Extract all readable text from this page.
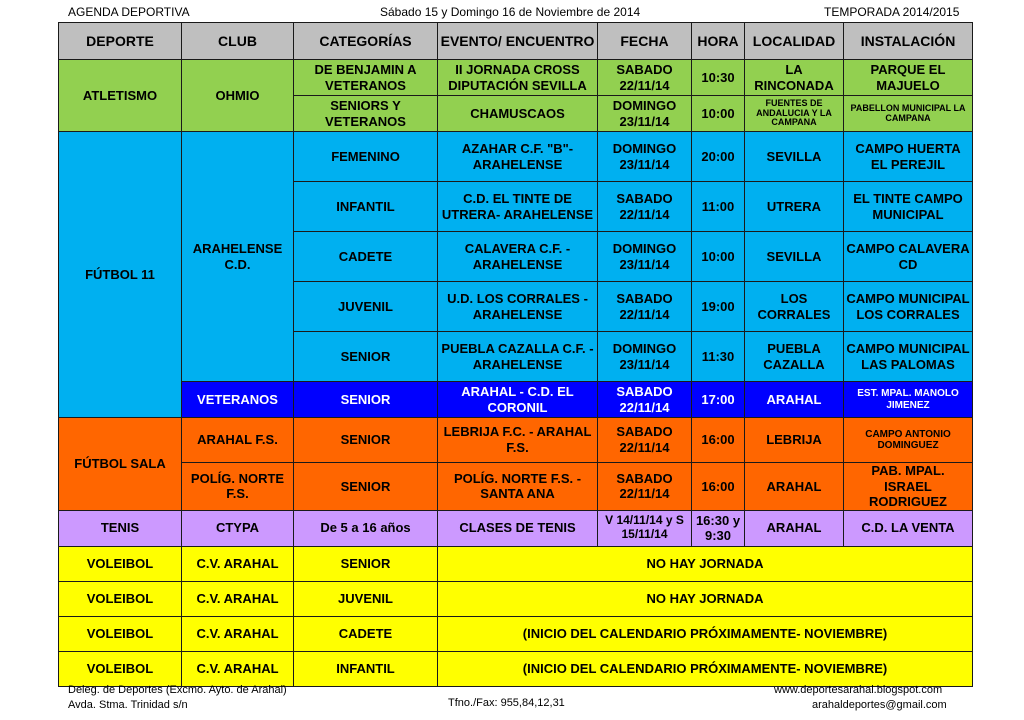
AGENDA DEPORTIVA	Sábado 15 y Domingo 16 de Noviembre de 2014	TEMPORADA 2014/2015
DEPORTE	CLUB	CATEGORÍAS	EVENTO/ ENCUENTRO	FECHA	HORA	LOCALIDAD	INSTALACIÓN
ATLETISMO	OHMIO	DE BENJAMIN A VETERANOS	II JORNADA CROSS DIPUTACIÓN SEVILLA	SABADO 22/11/14	10:30	LA RINCONADA	PARQUE EL MAJUELO
		SENIORS Y VETERANOS	CHAMUSCAOS	DOMINGO 23/11/14	10:00	FUENTES DE ANDALUCIA Y LA CAMPANA	PABELLON MUNICIPAL LA CAMPANA
FÚTBOL 11	ARAHELENSE C.D.	FEMENINO	AZAHAR C.F. "B"- ARAHELENSE	DOMINGO 23/11/14	20:00	SEVILLA	CAMPO HUERTA EL PEREJIL
		INFANTIL	C.D. EL TINTE DE UTRERA- ARAHELENSE	SABADO 22/11/14	11:00	UTRERA	EL TINTE CAMPO MUNICIPAL
		CADETE	CALAVERA C.F. - ARAHELENSE	DOMINGO 23/11/14	10:00	SEVILLA	CAMPO CALAVERA CD
		JUVENIL	U.D. LOS CORRALES - ARAHELENSE	SABADO 22/11/14	19:00	LOS CORRALES	CAMPO MUNICIPAL LOS CORRALES
		SENIOR	PUEBLA CAZALLA C.F. - ARAHELENSE	DOMINGO 23/11/14	11:30	PUEBLA CAZALLA	CAMPO MUNICIPAL LAS PALOMAS
	VETERANOS	SENIOR	ARAHAL - C.D. EL CORONIL	SABADO 22/11/14	17:00	ARAHAL	EST. MPAL. MANOLO JIMENEZ
FÚTBOL SALA	ARAHAL F.S.	SENIOR	LEBRIJA F.C. - ARAHAL F.S.	SABADO 22/11/14	16:00	LEBRIJA	CAMPO ANTONIO DOMINGUEZ
	POLÍG. NORTE F.S.	SENIOR	POLÍG. NORTE F.S. - SANTA ANA	SABADO 22/11/14	16:00	ARAHAL	PAB. MPAL. ISRAEL RODRIGUEZ
TENIS	CTYPA	De 5 a 16 años	CLASES DE TENIS	V 14/11/14 y S 15/11/14	16:30 y 9:30	ARAHAL	C.D. LA VENTA
VOLEIBOL	C.V. ARAHAL	SENIOR	NO HAY JORNADA				
VOLEIBOL	C.V. ARAHAL	JUVENIL	NO HAY JORNADA				
VOLEIBOL	C.V. ARAHAL	CADETE	(INICIO DEL CALENDARIO PRÓXIMAMENTE- NOVIEMBRE)				
VOLEIBOL	C.V. ARAHAL	INFANTIL	(INICIO DEL CALENDARIO PRÓXIMAMENTE- NOVIEMBRE)				
Deleg. de Deportes (Excmo. Ayto. de Arahal)
Avda. Stma. Trinidad s/n	Tfno./Fax: 955,84,12,31
www.deportesarahal.blogspot.com
arahaldeportes@gmail.com
